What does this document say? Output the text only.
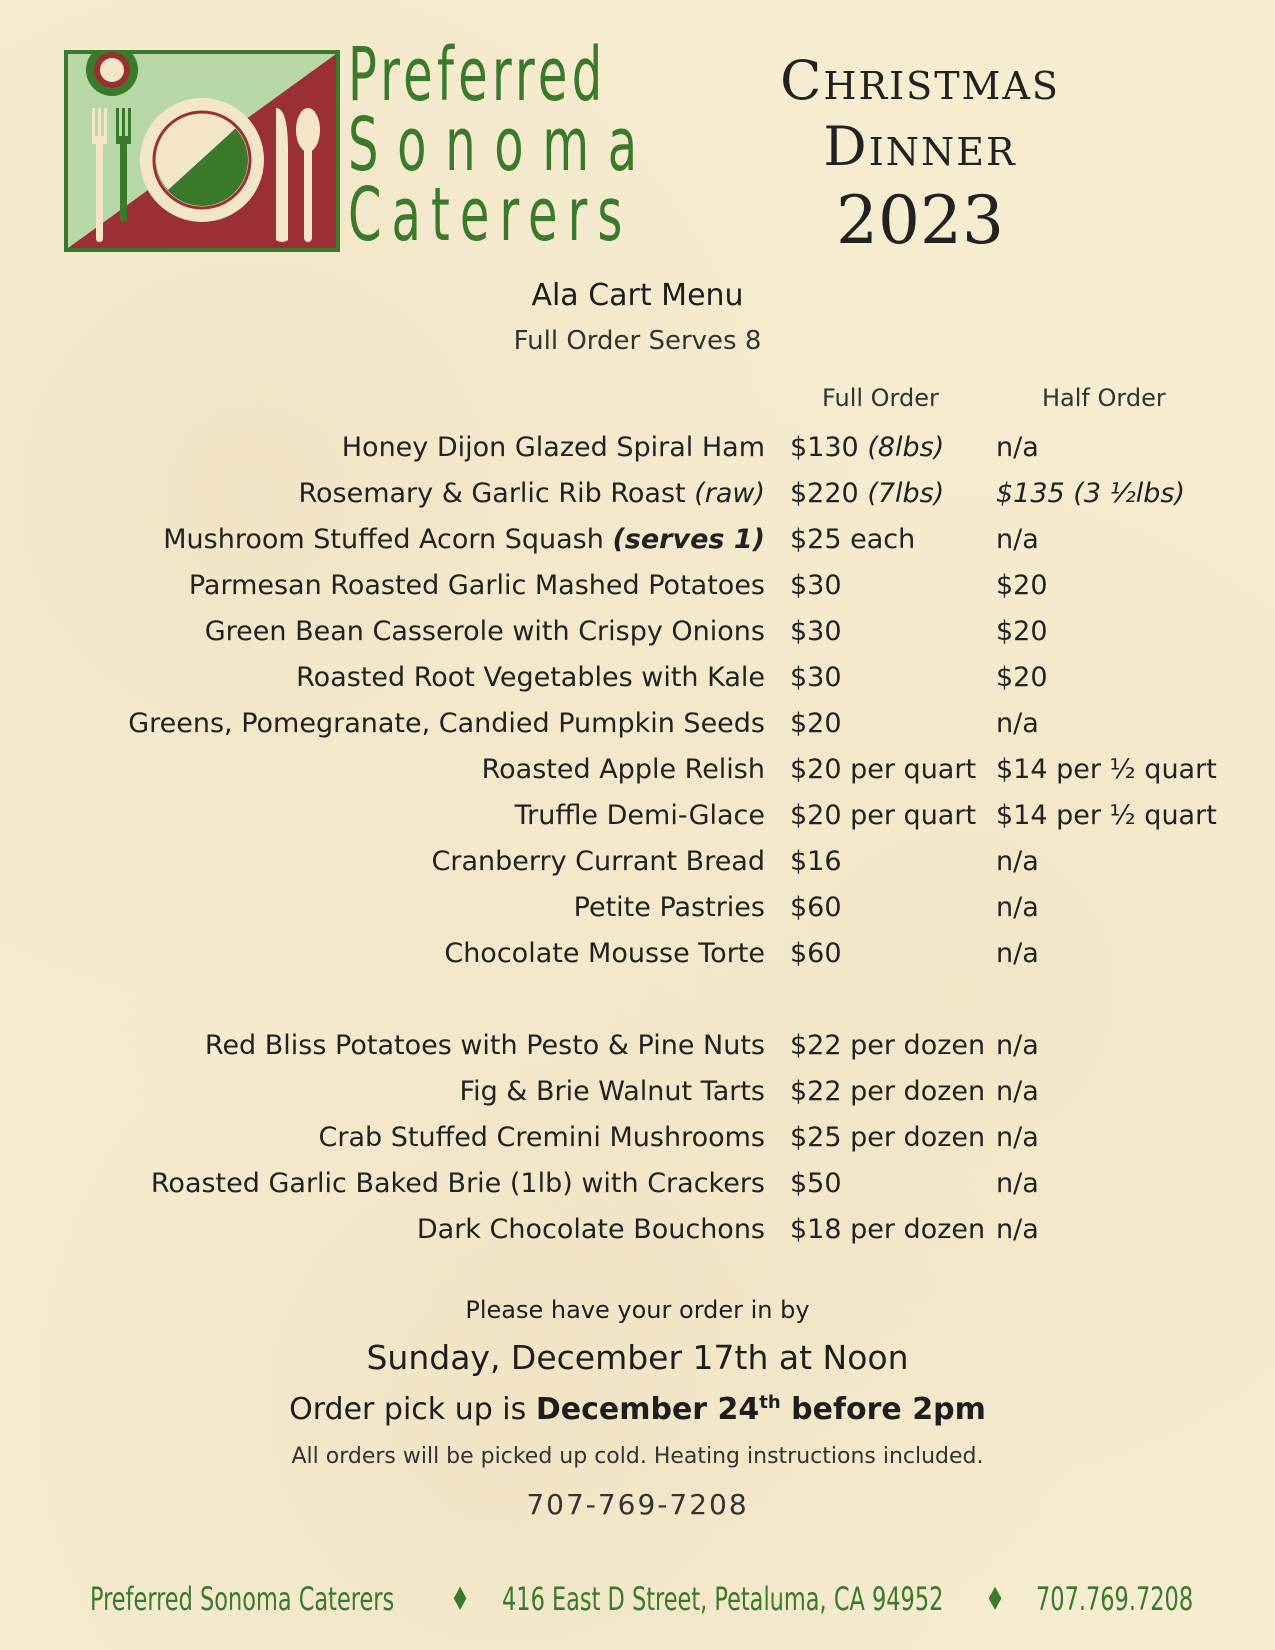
Preferred
Sonoma
Caterers
Christmas
Dinner
2023
Ala Cart Menu
Full Order Serves 8
Full Order	Half Order
Honey Dijon Glazed Spiral Ham $130 (8lbs) n/a
Rosemary & Garlic Rib Roast (raw) $220 (7lbs) $135 (3 ½lbs)
Mushroom Stuffed Acorn Squash (serves 1) $25 each	n/a
Parmesan Roasted Garlic Mashed Potatoes $30	$20
Green Bean Casserole with Crispy Onions $30	$20
Roasted Root Vegetables with Kale $30	$20
Greens, Pomegranate, Candied Pumpkin Seeds $20	n/a
Roasted Apple Relish $20 per quart $14 per ½ quart
Truffle Demi-Glace $20 per quart $14 per ½ quart
Cranberry Currant Bread $16	n/a
Petite Pastries $60	n/a
Chocolate Mousse Torte $60	n/a
Red Bliss Potatoes with Pesto & Pine Nuts $22 per dozen n/a
Fig & Brie Walnut Tarts $22 per dozen n/a
Crab Stuffed Cremini Mushrooms $25 per dozen n/a
Roasted Garlic Baked Brie (1lb) with Crackers $50	n/a
Dark Chocolate Bouchons $18 per dozen n/a
Please have your order in by
Sunday, December 17th at Noon
Order pick up is December 24th before 2pm
All orders will be picked up cold. Heating instructions included.
707-769-7208
Preferred Sonoma Caterers ♦ 416 East D Street, Petaluma, CA 94952 ♦ 707.769.7208
